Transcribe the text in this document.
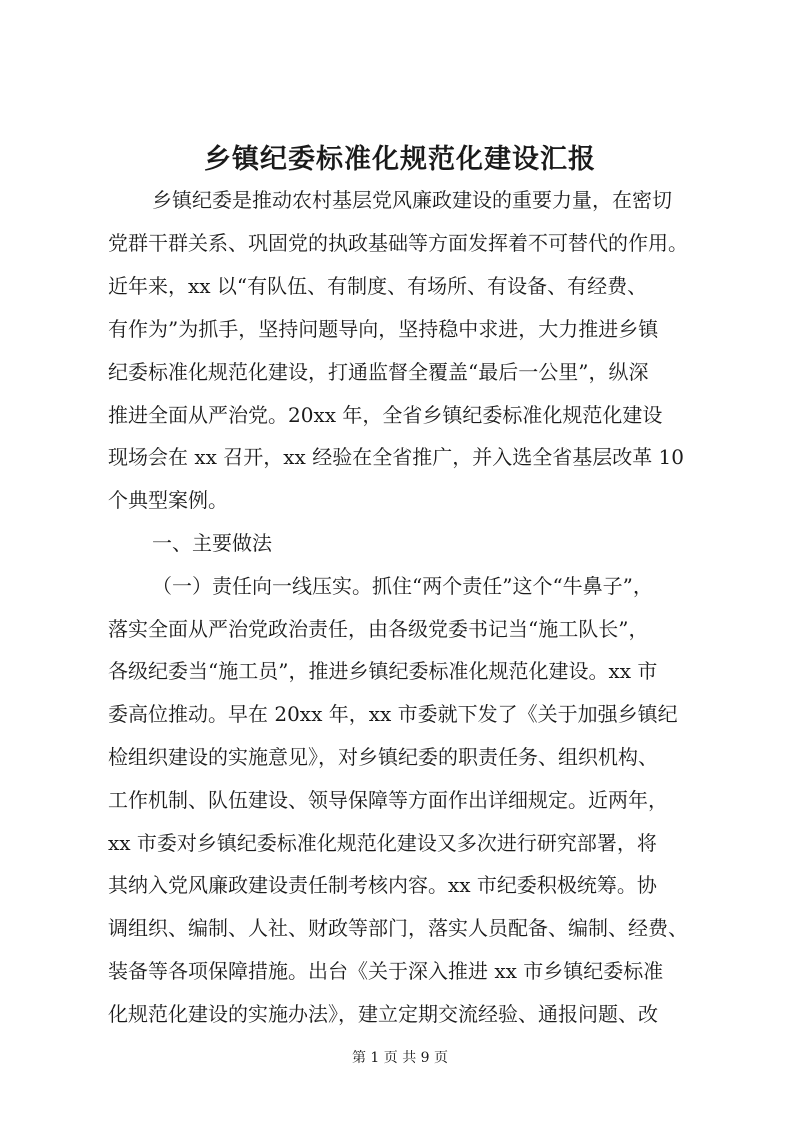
乡镇纪委标准化规范化建设汇报
乡镇纪委是推动农村基层党风廉政建设的重要力量，在密切
党群干群关系、巩固党的执政基础等方面发挥着不可替代的作用。
近年来，xx 以“有队伍、有制度、有场所、有设备、有经费、
有作为”为抓手，坚持问题导向，坚持稳中求进，大力推进乡镇
纪委标准化规范化建设，打通监督全覆盖“最后一公里”，纵深
推进全面从严治党。20xx 年，全省乡镇纪委标准化规范化建设
现场会在 xx 召开，xx 经验在全省推广，并入选全省基层改革 10
个典型案例。
一、主要做法
（一）责任向一线压实。抓住“两个责任”这个“牛鼻子”，
落实全面从严治党政治责任，由各级党委书记当“施工队长”，
各级纪委当“施工员”，推进乡镇纪委标准化规范化建设。xx 市
委高位推动。早在 20xx 年，xx 市委就下发了《关于加强乡镇纪
检组织建设的实施意见》，对乡镇纪委的职责任务、组织机构、
工作机制、队伍建设、领导保障等方面作出详细规定。近两年，
xx 市委对乡镇纪委标准化规范化建设又多次进行研究部署，将
其纳入党风廉政建设责任制考核内容。xx 市纪委积极统筹。协
调组织、编制、人社、财政等部门，落实人员配备、编制、经费、
装备等各项保障措施。出台《关于深入推进 xx 市乡镇纪委标准
化规范化建设的实施办法》，建立定期交流经验、通报问题、改
第 1 页 共 9 页
